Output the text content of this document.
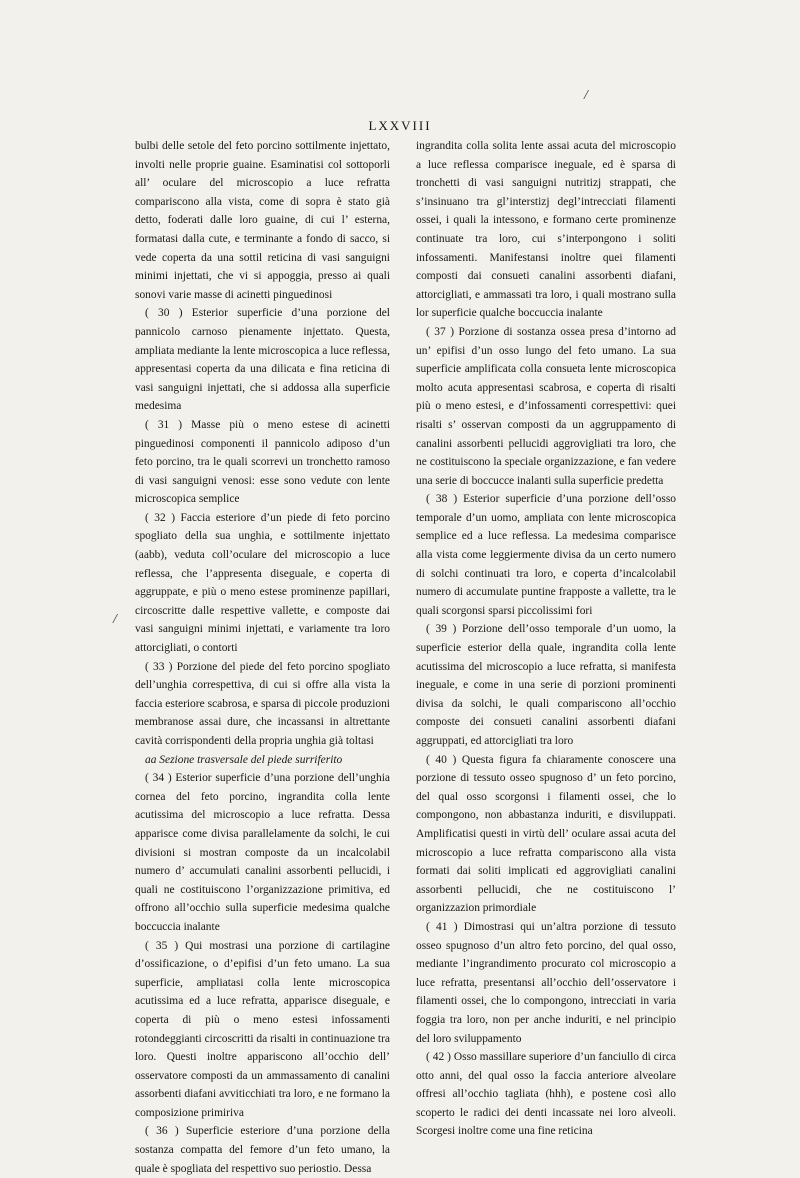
LXXVIII
/
/

bulbi delle setole del feto porcino sottilmente injettato, involti nelle proprie guaine. Esaminatisi col sottoporli all’ oculare del microscopio a luce refratta compariscono alla vista, come di sopra è stato già detto, foderati dalle loro guaine, di cui l’ esterna, formatasi dalla cute, e terminante a fondo di sacco, si vede coperta da una sottil reticina di vasi sanguigni minimi injettati, che vi si appoggia, presso ai quali sonovi varie masse di acinetti pinguedinosi

( 30 ) Esterior superficie d’una porzione del pannicolo carnoso pienamente injettato. Questa, ampliata mediante la lente microscopica a luce reflessa, appresentasi coperta da una dilicata e fina reticina di vasi sanguigni injettati, che si addossa alla superficie medesima

( 31 ) Masse più o meno estese di acinetti pinguedinosi componenti il pannicolo adiposo d’un feto porcino, tra le quali scorrevi un tronchetto ramoso di vasi sanguigni venosi: esse sono vedute con lente microscopica semplice

( 32 ) Faccia esteriore d’un piede di feto porcino spogliato della sua unghia, e sottilmente injettato (aabb), veduta coll’oculare del microscopio a luce reflessa, che l’appresenta diseguale, e coperta di aggruppate, e più o meno estese prominenze papillari, circoscritte dalle respettive vallette, e composte dai vasi sanguigni minimi injettati, e variamente tra loro attorcigliati, o contorti

( 33 ) Porzione del piede del feto porcino spogliato dell’unghia correspettiva, di cui si offre alla vista la faccia esteriore scabrosa, e sparsa di piccole produzioni membranose assai dure, che incassansi in altrettante cavità corrispondenti della propria unghia già toltasi

aa Sezione trasversale del piede surriferito

( 34 ) Esterior superficie d’una porzione dell’unghia cornea del feto porcino, ingrandita colla lente acutissima del microscopio a luce refratta. Dessa apparisce come divisa parallelamente da solchi, le cui divisioni si mostran composte da un incalcolabil numero d’ accumulati canalini assorbenti pellucidi, i quali ne costituiscono l’organizzazione primitiva, ed offrono all’occhio sulla superficie medesima qualche boccuccia inalante

( 35 ) Qui mostrasi una porzione di cartilagine d’ossificazione, o d’epifisi d’un feto umano. La sua superficie, ampliatasi colla lente microscopica acutissima ed a luce refratta, apparisce diseguale, e coperta di più o meno estesi infossamenti rotondeggianti circoscritti da risalti in continuazione tra loro. Questi inoltre appariscono all’occhio dell’ osservatore composti da un ammassamento di canalini assorbenti diafani avviticchiati tra loro, e ne formano la composizione primiriva

( 36 ) Superficie esteriore d’una porzione della sostanza compatta del femore d’un feto umano, la quale è spogliata del respettivo suo periostio. Dessa

ingrandita colla solita lente assai acuta del microscopio a luce reflessa comparisce ineguale, ed è sparsa di tronchetti di vasi sanguigni nutritizj strappati, che s’insinuano tra gl’interstizj degl’intrecciati filamenti ossei, i quali la intessono, e formano certe prominenze continuate tra loro, cui s’interpongono i soliti infossamenti. Manifestansi inoltre quei filamenti composti dai consueti canalini assorbenti diafani, attorcigliati, e ammassati tra loro, i quali mostrano sulla lor superficie qualche boccuccia inalante

( 37 ) Porzione di sostanza ossea presa d’intorno ad un’ epifisi d’un osso lungo del feto umano. La sua superficie amplificata colla consueta lente microscopica molto acuta appresentasi scabrosa, e coperta di risalti più o meno estesi, e d’infossamenti correspettivi: quei risalti s’ osservan composti da un aggruppamento di canalini assorbenti pellucidi aggrovigliati tra loro, che ne costituiscono la speciale organizzazione, e fan vedere una serie di boccucce inalanti sulla superficie predetta

( 38 ) Esterior superficie d’una porzione dell’osso temporale d’un uomo, ampliata con lente microscopica semplice ed a luce reflessa. La medesima comparisce alla vista come leggiermente divisa da un certo numero di solchi continuati tra loro, e coperta d’incalcolabil numero di accumulate puntine frapposte a vallette, tra le quali scorgonsi sparsi piccolissimi fori

( 39 ) Porzione dell’osso temporale d’un uomo, la superficie esterior della quale, ingrandita colla lente acutissima del microscopio a luce refratta, si manifesta ineguale, e come in una serie di porzioni prominenti divisa da solchi, le quali compariscono all’occhio composte dei consueti canalini assorbenti diafani aggruppati, ed attorcigliati tra loro

( 40 ) Questa figura fa chiaramente conoscere una porzione di tessuto osseo spugnoso d’ un feto porcino, del qual osso scorgonsi i filamenti ossei, che lo compongono, non abbastanza induriti, e disviluppati. Amplificatisi questi in virtù dell’ oculare assai acuta del microscopio a luce refratta compariscono alla vista formati dai soliti implicati ed aggrovigliati canalini assorbenti pellucidi, che ne costituiscono l’ organizzazion primordiale

( 41 ) Dimostrasi qui un’altra porzione di tessuto osseo spugnoso d’un altro feto porcino, del qual osso, mediante l’ingrandimento procurato col microscopio a luce refratta, presentansi all’occhio dell’osservatore i filamenti ossei, che lo compongono, intrecciati in varia foggia tra loro, non per anche induriti, e nel principio del loro sviluppamento

( 42 ) Osso massillare superiore d’un fanciullo di circa otto anni, del qual osso la faccia anteriore alveolare offresi all’occhio tagliata (hhh), e postene così allo scoperto le radici dei denti incassate nei loro alveoli. Scorgesi inoltre come una fine reticina
